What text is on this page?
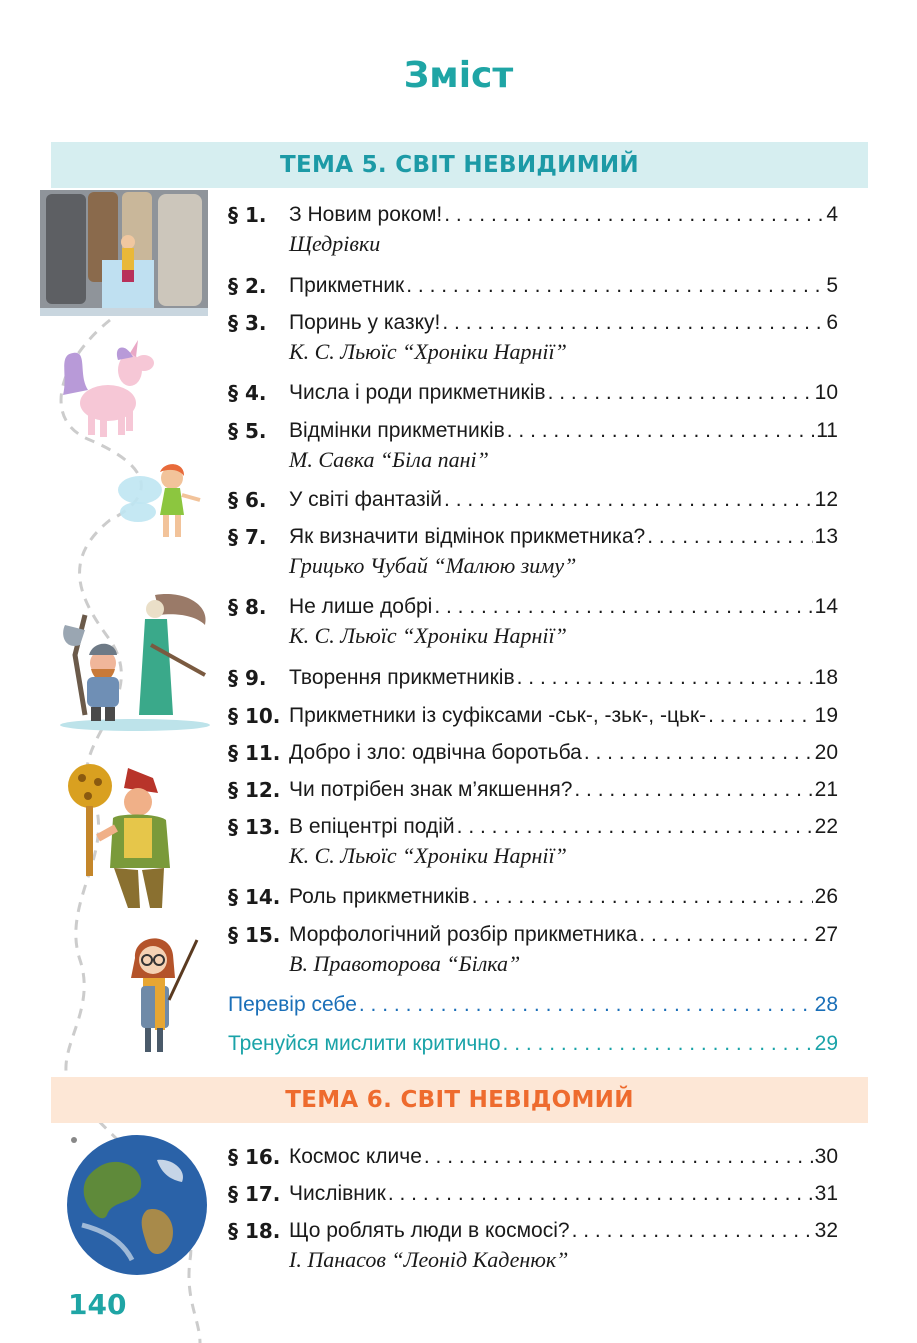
Зміст
ТЕМА 5. СВІТ НЕВИДИМИЙ
§ 1. З Новим роком! . . .	4
Щедрівки
§ 2. Прикметник . . .	5
§ 3. Поринь у казку! . . .	6
К. С. Льюїс “Хроніки Нарнії”
§ 4. Числа і роди прикметників . . .	10
§ 5. Відмінки прикметників . . .	11
М. Савка “Біла пані”
§ 6. У світі фантазій . . .	12
§ 7. Як визначити відмінок прикметника? . . .	13
Грицько Чубай “Малюю зиму”
§ 8. Не лише добрі . . .	14
К. С. Льюїс “Хроніки Нарнії”
§ 9. Творення прикметників . . .	18
§ 10. Прикметники із суфіксами -ськ-, -зьк-, -цьк- . . .	19
§ 11. Добро і зло: одвічна боротьба . . .	20
§ 12. Чи потрібен знак м’якшення? . . .	21
§ 13. В епіцентрі подій . . .	22
К. С. Льюїс “Хроніки Нарнії”
§ 14. Роль прикметників . . .	26
§ 15. Морфологічний розбір прикметника . . .	27
В. Правоторова “Білка”
Перевір себе . . .	28
Тренуйся мислити критично . . .	29
ТЕМА 6. СВІТ НЕВІДОМИЙ
§ 16. Космос кличе . . .	30
§ 17. Числівник . . .	31
§ 18. Що роблять люди в космосі? . . .	32
І. Панасов “Леонід Каденюк”
140
